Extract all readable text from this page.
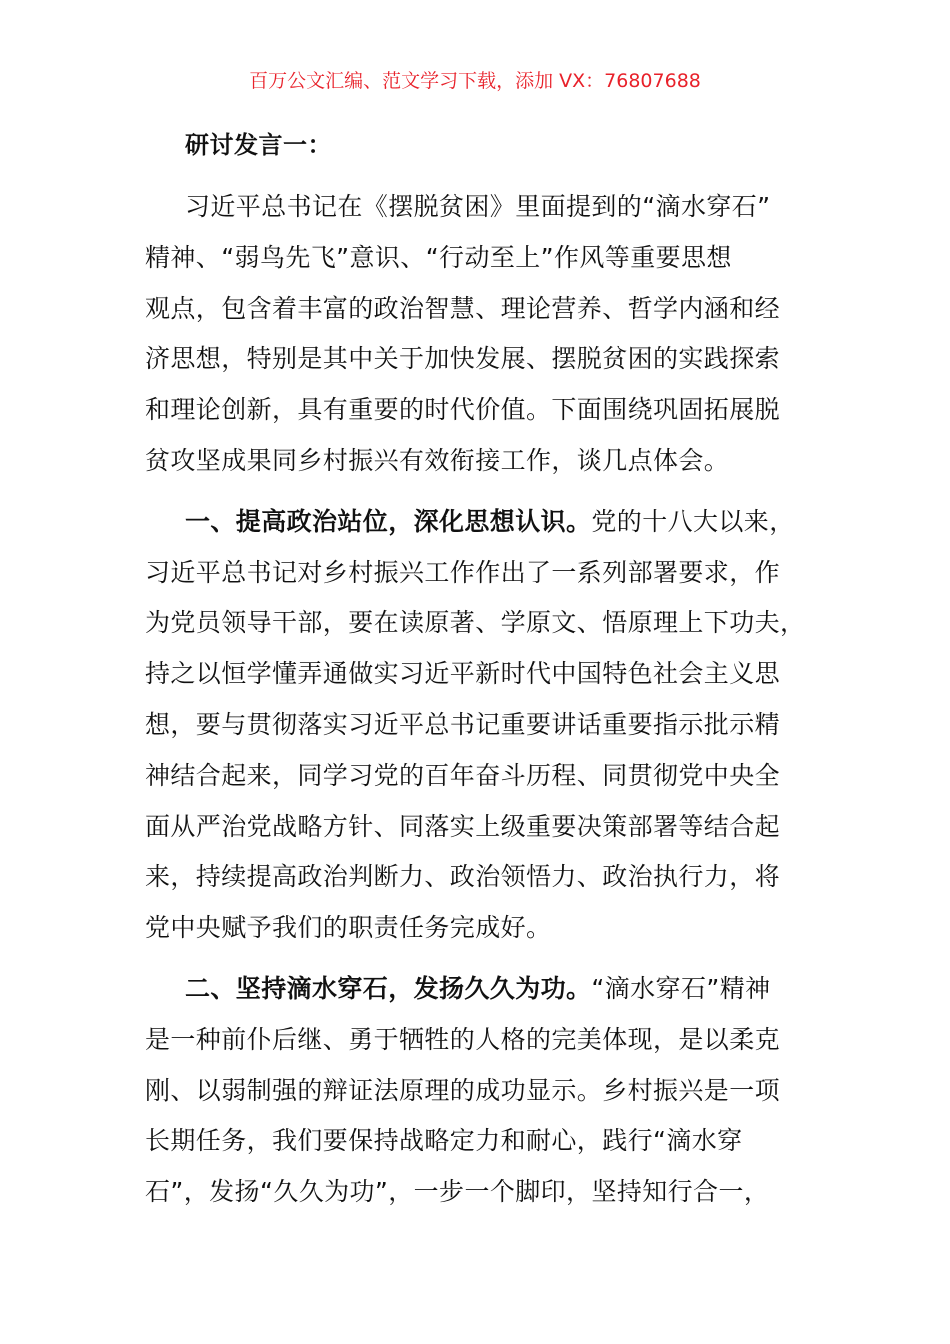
百万公文汇编、范文学习下载，添加 VX：76807688
研讨发言一：
习近平总书记在《摆脱贫困》里面提到的“滴水穿石”
精神、“弱鸟先飞”意识、“行动至上”作风等重要思想
观点，包含着丰富的政治智慧、理论营养、哲学内涵和经
济思想，特别是其中关于加快发展、摆脱贫困的实践探索
和理论创新，具有重要的时代价值。下面围绕巩固拓展脱
贫攻坚成果同乡村振兴有效衔接工作，谈几点体会。
一、提高政治站位，深化思想认识。党的十八大以来，
习近平总书记对乡村振兴工作作出了一系列部署要求，作
为党员领导干部，要在读原著、学原文、悟原理上下功夫，
持之以恒学懂弄通做实习近平新时代中国特色社会主义思
想，要与贯彻落实习近平总书记重要讲话重要指示批示精
神结合起来，同学习党的百年奋斗历程、同贯彻党中央全
面从严治党战略方针、同落实上级重要决策部署等结合起
来，持续提高政治判断力、政治领悟力、政治执行力，将
党中央赋予我们的职责任务完成好。
二、坚持滴水穿石，发扬久久为功。“滴水穿石”精神
是一种前仆后继、勇于牺牲的人格的完美体现，是以柔克
刚、以弱制强的辩证法原理的成功显示。乡村振兴是一项
长期任务，我们要保持战略定力和耐心，践行“滴水穿
石”，发扬“久久为功”，一步一个脚印，坚持知行合一，
